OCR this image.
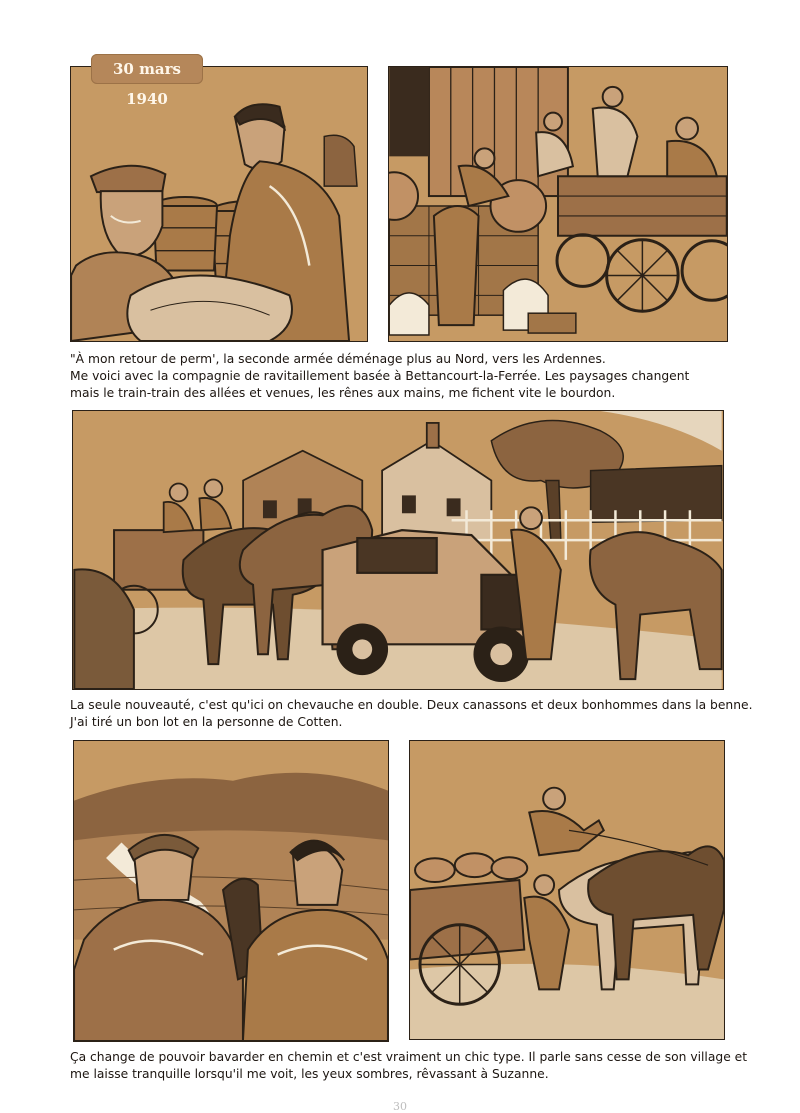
30 mars 1940
"À mon retour de perm', la seconde armée déménage plus au Nord, vers les Ardennes.
Me voici avec la compagnie de ravitaillement basée à Bettancourt-la-Ferrée. Les paysages changent
mais le train-train des allées et venues, les rênes aux mains, me fichent vite le bourdon.
La seule nouveauté, c'est qu'ici on chevauche en double. Deux canassons et deux bonhommes dans la benne.
J'ai tiré un bon lot en la personne de Cotten.
Ça change de pouvoir bavarder en chemin et c'est vraiment un chic type. Il parle sans cesse de son village et
me laisse tranquille lorsqu'il me voit, les yeux sombres, rêvassant à Suzanne.
30
